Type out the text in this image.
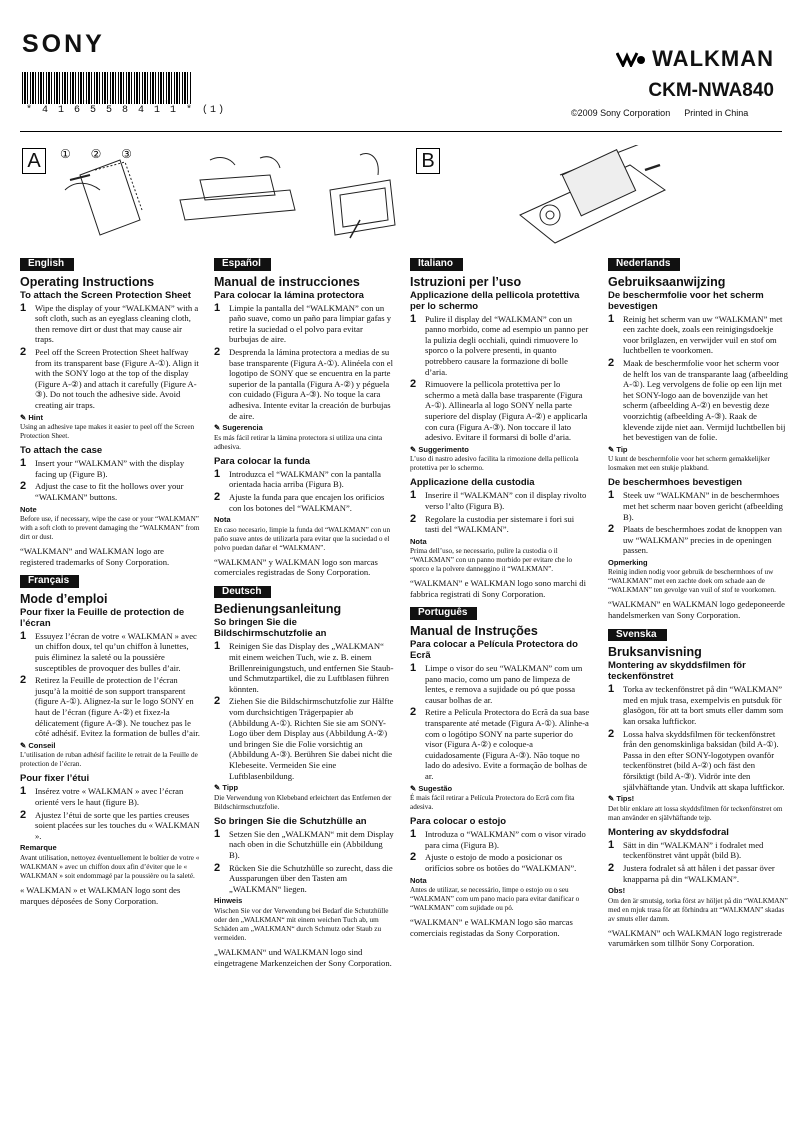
SONY
* 4 1 6 5 5 8 4 1 1 * (1)
WALKMAN
CKM-NWA840
©2009 Sony Corporation Printed in China
A	① ② ③	B
English
Operating Instructions
To attach the Screen Protection Sheet
1	Wipe the display of your “WALKMAN” with a soft cloth, such as an eyeglass cleaning cloth, then remove dirt or dust that may cause air traps.
2	Peel off the Screen Protection Sheet halfway from its transparent base (Figure A-①). Align it with the SONY logo at the top of the display (Figure A-②) and attach it carefully (Figure A-③). Do not touch the adhesive side. Avoid creating air traps.
✎ Hint
Using an adhesive tape makes it easier to peel off the Screen Protection Sheet.
To attach the case
1	Insert your “WALKMAN” with the display facing up (Figure B).
2	Adjust the case to fit the hollows over your “WALKMAN” buttons.
Note
Before use, if necessary, wipe the case or your “WALKMAN” with a soft cloth to prevent damaging the “WALKMAN” from dirt or dust.
“WALKMAN” and WALKMAN logo are registered trademarks of Sony Corporation.
Français
Mode d’emploi
Pour fixer la Feuille de protection de l’écran
1	Essuyez l’écran de votre « WALKMAN » avec un chiffon doux, tel qu’un chiffon à lunettes, puis éliminez la saleté ou la poussière susceptibles de provoquer des bulles d’air.
2	Retirez la Feuille de protection de l’écran jusqu’à la moitié de son support transparent (figure A-①). Alignez-la sur le logo SONY en haut de l’écran (figure A-②) et fixez-la délicatement (figure A-③). Ne touchez pas le côté adhésif. Evitez la formation de bulles d’air.
✎ Conseil
L’utilisation de ruban adhésif facilite le retrait de la Feuille de protection de l’écran.
Pour fixer l’étui
1	Insérez votre « WALKMAN » avec l’écran orienté vers le haut (figure B).
2	Ajustez l’étui de sorte que les parties creuses soient placées sur les touches du « WALKMAN ».
Remarque
Avant utilisation, nettoyez éventuellement le boîtier de votre « WALKMAN » avec un chiffon doux afin d’éviter que le « WALKMAN » soit endommagé par la poussière ou la saleté.
« WALKMAN » et WALKMAN logo sont des marques déposées de Sony Corporation.
Español
Manual de instrucciones
Para colocar la lámina protectora
1	Limpie la pantalla del “WALKMAN” con un paño suave, como un paño para limpiar gafas y retire la suciedad o el polvo para evitar burbujas de aire.
2	Desprenda la lámina protectora a medias de su base transparente (Figura A-①). Alinéela con el logotipo de SONY que se encuentra en la parte superior de la pantalla (Figura A-②) y péguela con cuidado (Figura A-③). No toque la cara adhesiva. Intente evitar la creación de burbujas de aire.
✎ Sugerencia
Es más fácil retirar la lámina protectora si utiliza una cinta adhesiva.
Para colocar la funda
1	Introduzca el “WALKMAN” con la pantalla orientada hacia arriba (Figura B).
2	Ajuste la funda para que encajen los orificios con los botones del “WALKMAN”.
Nota
En caso necesario, limpie la funda del “WALKMAN” con un paño suave antes de utilizarla para evitar que la suciedad o el polvo puedan dañar el “WALKMAN”.
“WALKMAN” y WALKMAN logo son marcas comerciales registradas de Sony Corporation.
Deutsch
Bedienungsanleitung
So bringen Sie die Bildschirmschutzfolie an
1	Reinigen Sie das Display des „WALKMAN“ mit einem weichen Tuch, wie z. B. einem Brillenreinigungstuch, und entfernen Sie Staub- und Schmutzpartikel, die zu Luftblasen führen könnten.
2	Ziehen Sie die Bildschirmschutzfolie zur Hälfte vom durchsichtigen Trägerpapier ab (Abbildung A-①). Richten Sie sie am SONY-Logo über dem Display aus (Abbildung A-②) und bringen Sie die Folie vorsichtig an (Abbildung A-③). Berühren Sie dabei nicht die Klebeseite. Vermeiden Sie eine Luftblasenbildung.
✎ Tipp
Die Verwendung von Klebeband erleichtert das Entfernen der Bildschirmschutzfolie.
So bringen Sie die Schutzhülle an
1	Setzen Sie den „WALKMAN“ mit dem Display nach oben in die Schutzhülle ein (Abbildung B).
2	Rücken Sie die Schutzhülle so zurecht, dass die Aussparungen über den Tasten am „WALKMAN“ liegen.
Hinweis
Wischen Sie vor der Verwendung bei Bedarf die Schutzhülle oder den „WALKMAN“ mit einem weichen Tuch ab, um Schäden am „WALKMAN“ durch Schmutz oder Staub zu vermeiden.
„WALKMAN“ und WALKMAN logo sind eingetragene Markenzeichen der Sony Corporation.
Italiano
Istruzioni per l’uso
Applicazione della pellicola protettiva per lo schermo
1	Pulire il display del “WALKMAN” con un panno morbido, come ad esempio un panno per la pulizia degli occhiali, quindi rimuovere lo sporco o la polvere presenti, in quanto potrebbero causare la formazione di bolle d’aria.
2	Rimuovere la pellicola protettiva per lo schermo a metà dalla base trasparente (Figura A-①). Allinearla al logo SONY nella parte superiore del display (Figura A-②) e applicarla con cura (Figura A-③). Non toccare il lato adesivo. Evitare il formarsi di bolle d’aria.
✎ Suggerimento
L’uso di nastro adesivo facilita la rimozione della pellicola protettiva per lo schermo.
Applicazione della custodia
1	Inserire il “WALKMAN” con il display rivolto verso l’alto (Figura B).
2	Regolare la custodia per sistemare i fori sui tasti del “WALKMAN”.
Nota
Prima dell’uso, se necessario, pulire la custodia o il “WALKMAN” con un panno morbido per evitare che lo sporco e la polvere danneggino il “WALKMAN”.
“WALKMAN” e WALKMAN logo sono marchi di fabbrica registrati di Sony Corporation.
Português
Manual de Instruções
Para colocar a Película Protectora do Ecrã
1	Limpe o visor do seu “WALKMAN” com um pano macio, como um pano de limpeza de lentes, e remova a sujidade ou pó que possa causar bolhas de ar.
2	Retire a Película Protectora do Ecrã da sua base transparente até metade (Figura A-①). Alinhe-a com o logótipo SONY na parte superior do visor (Figura A-②) e coloque-a cuidadosamente (Figura A-③). Não toque no lado do adesivo. Evite a formação de bolhas de ar.
✎ Sugestão
É mais fácil retirar a Película Protectora do Ecrã com fita adesiva.
Para colocar o estojo
1	Introduza o “WALKMAN” com o visor virado para cima (Figura B).
2	Ajuste o estojo de modo a posicionar os orifícios sobre os botões do “WALKMAN”.
Nota
Antes de utilizar, se necessário, limpe o estojo ou o seu “WALKMAN” com um pano macio para evitar danificar o “WALKMAN” com sujidade ou pó.
“WALKMAN” e WALKMAN logo são marcas comerciais registadas da Sony Corporation.
Nederlands
Gebruiksaanwijzing
De beschermfolie voor het scherm bevestigen
1	Reinig het scherm van uw “WALKMAN” met een zachte doek, zoals een reinigingsdoekje voor brilglazen, en verwijder vuil en stof om luchtbellen te voorkomen.
2	Maak de beschermfolie voor het scherm voor de helft los van de transparante laag (afbeelding A-①). Leg vervolgens de folie op een lijn met het SONY-logo aan de bovenzijde van het scherm (afbeelding A-②) en bevestig deze voorzichtig (afbeelding A-③). Raak de klevende zijde niet aan. Vermijd luchtbellen bij het bevestigen van de folie.
✎ Tip
U kunt de beschermfolie voor het scherm gemakkelijker losmaken met een stukje plakband.
De beschermhoes bevestigen
1	Steek uw “WALKMAN” in de beschermhoes met het scherm naar boven gericht (afbeelding B).
2	Plaats de beschermhoes zodat de knoppen van uw “WALKMAN” precies in de openingen passen.
Opmerking
Reinig indien nodig voor gebruik de beschermhoes of uw “WALKMAN” met een zachte doek om schade aan de “WALKMAN” ten gevolge van vuil of stof te voorkomen.
“WALKMAN” en WALKMAN logo gedeponeerde handelsmerken van Sony Corporation.
Svenska
Bruksanvisning
Montering av skyddsfilmen för teckenfönstret
1	Torka av teckenfönstret på din “WALKMAN” med en mjuk trasa, exempelvis en putsduk för glasögon, för att ta bort smuts eller damm som kan orsaka luftfickor.
2	Lossa halva skyddsfilmen för teckenfönstret från den genomskinliga baksidan (bild A-①). Passa in den efter SONY-logotypen ovanför teckenfönstret (bild A-②) och fäst den försiktigt (bild A-③). Vidrör inte den självhäftande ytan. Undvik att skapa luftfickor.
✎ Tips!
Det blir enklare att lossa skyddsfilmen för teckenfönstret om man använder en självhäftande tejp.
Montering av skyddsfodral
1	Sätt in din “WALKMAN” i fodralet med teckenfönstret vänt uppåt (bild B).
2	Justera fodralet så att hålen i det passar över knapparna på din “WALKMAN”.
Obs!
Om den är smutsig, torka först av höljet på din “WALKMAN” med en mjuk trasa för att förhindra att “WALKMAN” skadas av smuts eller damm.
“WALKMAN” och WALKMAN logo registrerade varumärken som tillhör Sony Corporation.
